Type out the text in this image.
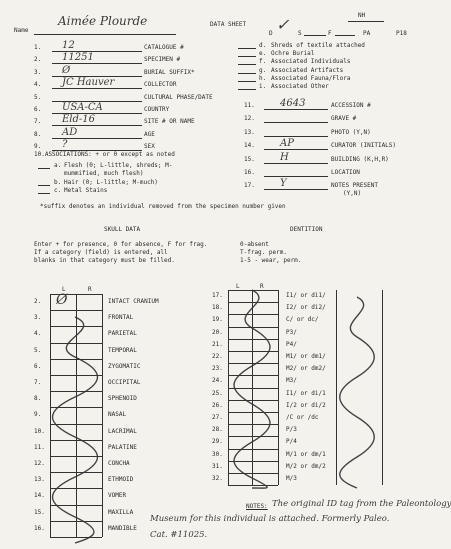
NH
Name
Aimée Plourde	DATA SHEET
D ✓ S	F	PA	P18
10.ASSOCIATIONS: + or 0 except as noted
*suffix denotes an individual removed from the specimen number given
SKULL DATA	DENTITION
Enter + for presence, 0 for absence, F for frag.
If a category (field) is entered, all
blanks in that category must be filled.
0-absent
T-frag. perm.
1-5 - wear, perm.
L	R	L	R
NOTES: The original ID tag from the Paleontology
Museum for this individual is attached. Formerly Paleo.
Cat. #11025.
1. 12	CATALOGUE #
2. 11251	SPECIMEN #
3. Ø	BURIAL SUFFIX*
4. JC Hauver	COLLECTOR
5.	CULTURAL PHASE/DATE
6. USA-CA	COUNTRY
7. Eld-16	SITE # OR NAME
8. AD	AGE
9. ?	SEX
d. Shreds of textile attached
e. Ochre Burial
f. Associated Individuals
g. Associated Artifacts
h. Associated Fauna/Flora
i. Associated Other
a. Flesh (0; L-little, shreds; M-
mummified, much flesh)
b. Hair (0; L-little; M-much)
c. Metal Stains
11.	4643	ACCESSION #
12.	GRAVE #
13.	PHOTO (Y,N)
14.	AP	CURATOR (INITIALS)
15.	H	BUILDING (K,H,R)
16.	LOCATION
17.	Y	NOTES PRESENT
(Y,N)
2.	INTACT CRANIUM
Ø
3.	FRONTAL
4.	PARIETAL
5.	TEMPORAL
6.	ZYGOMATIC
7.	OCCIPITAL
8.	SPHENOID
9.	NASAL
10.	LACRIMAL
11.	PALATINE
12.	CONCHA
13.	ETHMOID
14.	VOMER
15.	MAXILLA
16.	MANDIBLE
17.	I1/ or di1/
18.	I2/ or di2/
19.	C/ or dc/
20.	P3/
21.	P4/
22.	M1/ or dm1/
23.	M2/ or dm2/
24.	M3/
25.	I1/ or di/1
26.	I/2 or di/2
27.	/C or /dc
28.	P/3
29.	P/4
30.	M/1 or dm/1
31.	M/2 or dm/2
32.	M/3
